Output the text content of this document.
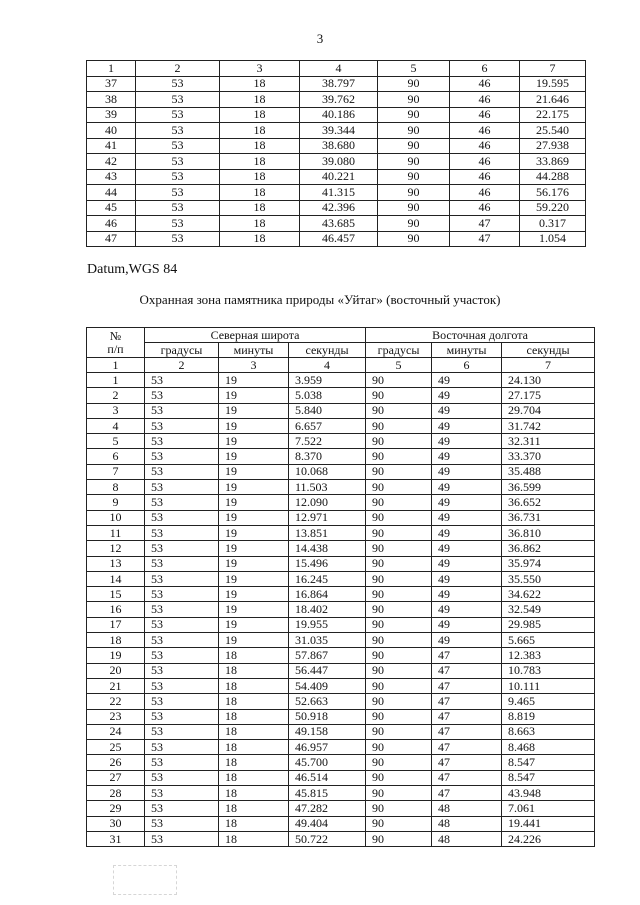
3
1	2	3	4	5	6	7
37	53	18	38.797	90	46	19.595
38	53	18	39.762	90	46	21.646
39	53	18	40.186	90	46	22.175
40	53	18	39.344	90	46	25.540
41	53	18	38.680	90	46	27.938
42	53	18	39.080	90	46	33.869
43	53	18	40.221	90	46	44.288
44	53	18	41.315	90	46	56.176
45	53	18	42.396	90	46	59.220
46	53	18	43.685	90	47	0.317
47	53	18	46.457	90	47	1.054
Datum,WGS 84
Охранная зона памятника природы «Уйтаг» (восточный участок)
№
п/п	Северная широта			Восточная долгота		
	градусы	минуты	секунды	градусы	минуты	секунды
1	2	3	4	5	6	7
1	53	19	3.959	90	49	24.130
2	53	19	5.038	90	49	27.175
3	53	19	5.840	90	49	29.704
4	53	19	6.657	90	49	31.742
5	53	19	7.522	90	49	32.311
6	53	19	8.370	90	49	33.370
7	53	19	10.068	90	49	35.488
8	53	19	11.503	90	49	36.599
9	53	19	12.090	90	49	36.652
10	53	19	12.971	90	49	36.731
11	53	19	13.851	90	49	36.810
12	53	19	14.438	90	49	36.862
13	53	19	15.496	90	49	35.974
14	53	19	16.245	90	49	35.550
15	53	19	16.864	90	49	34.622
16	53	19	18.402	90	49	32.549
17	53	19	19.955	90	49	29.985
18	53	19	31.035	90	49	5.665
19	53	18	57.867	90	47	12.383
20	53	18	56.447	90	47	10.783
21	53	18	54.409	90	47	10.111
22	53	18	52.663	90	47	9.465
23	53	18	50.918	90	47	8.819
24	53	18	49.158	90	47	8.663
25	53	18	46.957	90	47	8.468
26	53	18	45.700	90	47	8.547
27	53	18	46.514	90	47	8.547
28	53	18	45.815	90	47	43.948
29	53	18	47.282	90	48	7.061
30	53	18	49.404	90	48	19.441
31	53	18	50.722	90	48	24.226
